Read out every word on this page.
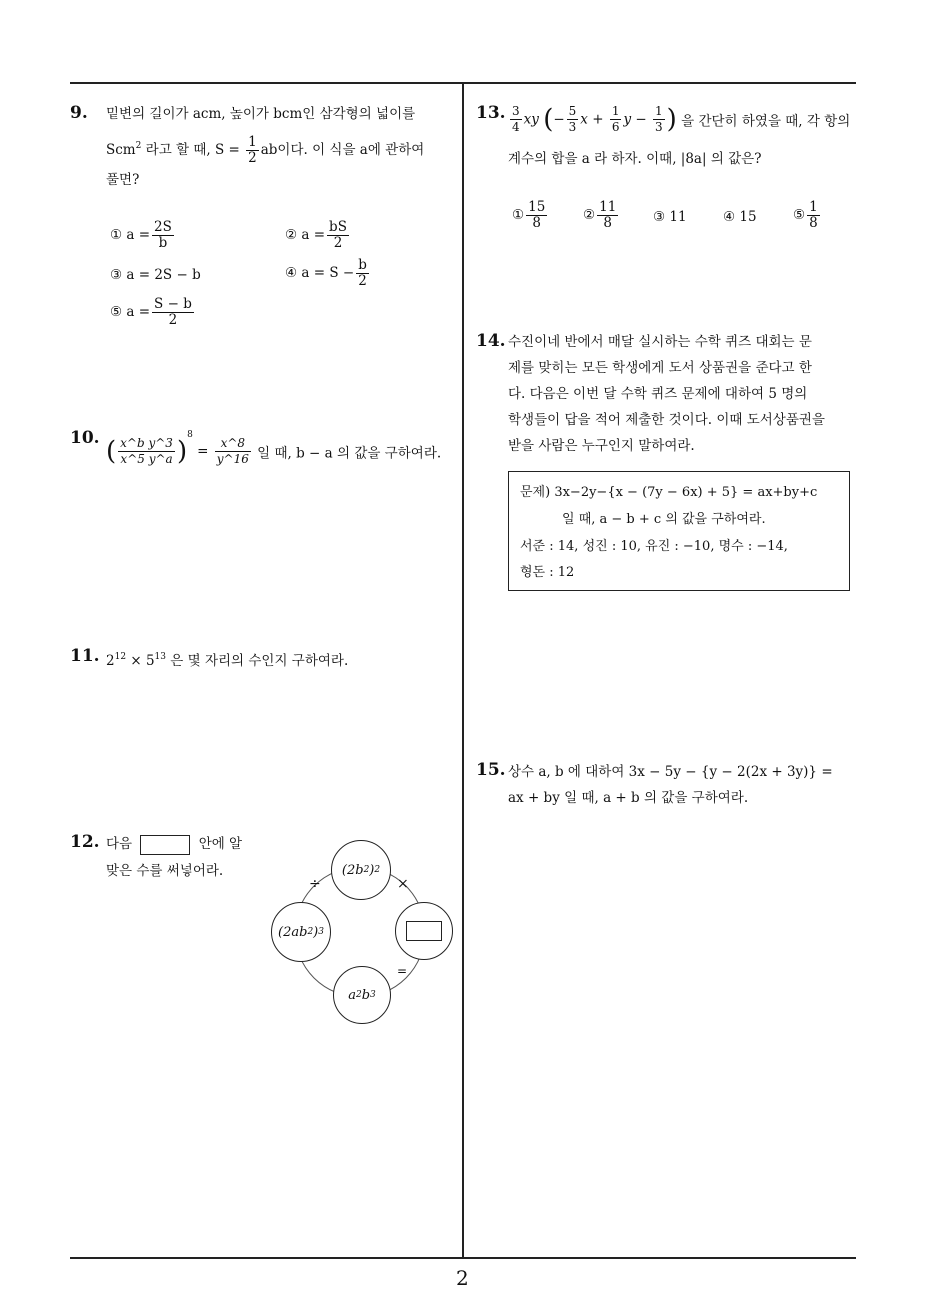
9. 밑변의 길이가 acm, 높이가 bcm인 삼각형의 넓이를
Scm$^2$ 라고 할 때, $S = \frac{1}{2}$ ab이다. 이 식을 a에 관하여
풀면?
① $a = \frac{2S}{b}$	② $a = \frac{bS}{2}$
③ a = 2S − b	④ $a = S - \frac{b}{2}$
⑤ $a = \frac{S - b}{2}$
10. ( $\frac{\text{x\textasciicircum{}b y\textasciicircum{}3}}{x\^{}5 y\^{}a} )^8 = \frac{x\^{}8}{y\^{}16}$ 일 때, b − a 의 값을 구하여라.
11. $2^{12} \times 5^{13}$ 은 몇 자리의 수인지 구하여라.
12. 다음	안에 알
맞은 수를 써넣어라.	(2b 2 ) 2
(2ab 2 ) 3
a 2 b 3
÷	×
=
13. $\frac{3}{4}$ xy (− $\frac{5}{3}$ $x + \frac{1}{6}$ $y - \frac{1}{3}$ ) 을 간단히 하였을 때, 각 항의
계수의 합을 a 라 하자. 이때, |8a| 의 값은?
① $\frac{15}{8}$	② $\frac{11}{8}$	③ 11	④ 15	⑤ $\frac{1}{8}$
14. 수진이네 반에서 매달 실시하는 수학 퀴즈 대회는 문
제를 맞히는 모든 학생에게 도서 상품권을 준다고 한
다. 다음은 이번 달 수학 퀴즈 문제에 대하여 5 명의
학생들이 답을 적어 제출한 것이다. 이때 도서상품권을
받을 사람은 누구인지 말하여라.
문제) 3x−2y−{x − (7y − 6x) + 5} = ax+by+c
일 때, a − b + c 의 값을 구하여라.
서준 : 14, 성진 : 10, 유진 : −10, 명수 : −14,
형돈 : 12
15. 상수 a, b 에 대하여 3x − 5y − {y − 2(2x + 3y)} =
ax + by 일 때, a + b 의 값을 구하여라.
2
